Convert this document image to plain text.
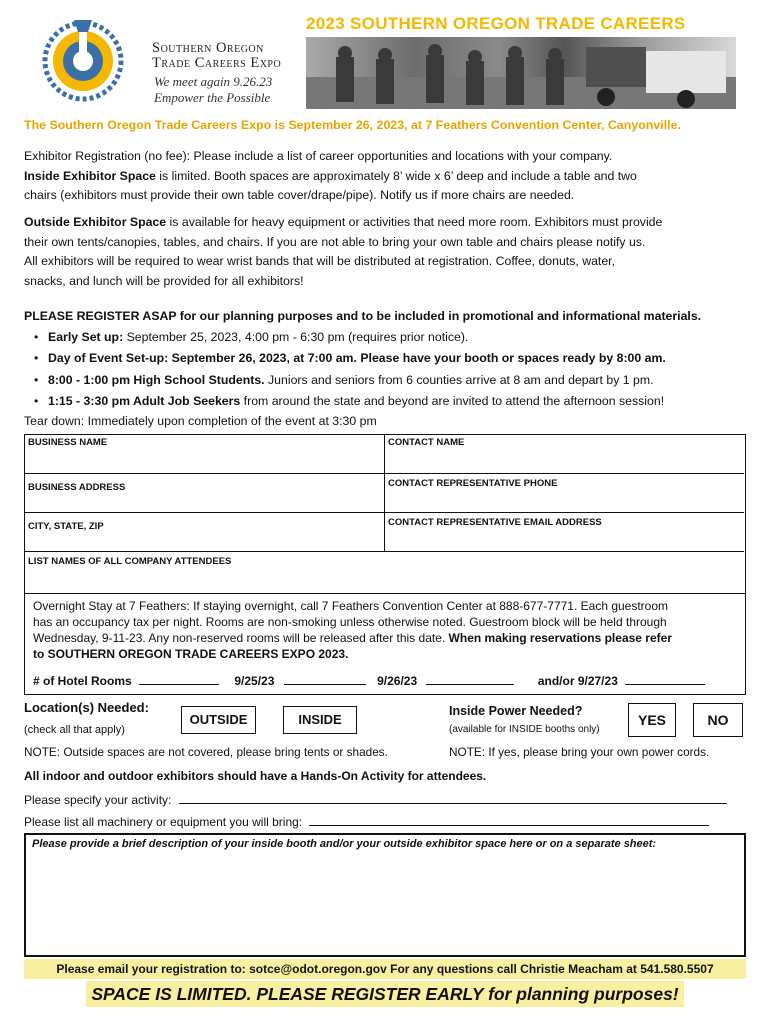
Southern Oregon
Trade Careers Expo
We meet again 9.26.23
Empower the Possible
2023 SOUTHERN OREGON TRADE CAREERS
The Southern Oregon Trade Careers Expo is September 26, 2023, at 7 Feathers Convention Center, Canyonville.
Exhibitor Registration (no fee): Please include a list of career opportunities and locations with your company.
Inside Exhibitor Space is limited. Booth spaces are approximately 8’ wide x 6’ deep and include a table and two
chairs (exhibitors must provide their own table cover/drape/pipe). Notify us if more chairs are needed.
Outside Exhibitor Space is available for heavy equipment or activities that need more room. Exhibitors must provide
their own tents/canopies, tables, and chairs. If you are not able to bring your own table and chairs please notify us.
All exhibitors will be required to wear wrist bands that will be distributed at registration. Coffee, donuts, water,
snacks, and lunch will be provided for all exhibitors!
PLEASE REGISTER ASAP for our planning purposes and to be included in promotional and informational materials.
• Early Set up: September 25, 2023, 4:00 pm - 6:30 pm (requires prior notice).
• Day of Event Set-up: September 26, 2023, at 7:00 am. Please have your booth or spaces ready by 8:00 am.
• 8:00 - 1:00 pm High School Students. Juniors and seniors from 6 counties arrive at 8 am and depart by 1 pm.
• 1:15 - 3:30 pm Adult Job Seekers from around the state and beyond are invited to attend the afternoon session!
Tear down: Immediately upon completion of the event at 3:30 pm
BUSINESS NAME	CONTACT NAME
BUSINESS ADDRESS	CONTACT REPRESENTATIVE PHONE
CITY, STATE, ZIP	CONTACT REPRESENTATIVE EMAIL ADDRESS
LIST NAMES OF ALL COMPANY ATTENDEES
Overnight Stay at 7 Feathers: If staying overnight, call 7 Feathers Convention Center at 888-677-7771. Each guestroom
has an occupancy tax per night. Rooms are non-smoking unless otherwise noted. Guestroom block will be held through
Wednesday, 9-11-23. Any non-reserved rooms will be released after this date. When making reservations please refer
to SOUTHERN OREGON TRADE CAREERS EXPO 2023.
# of Hotel Rooms	9/25/23	9/26/23	and/or 9/27/23
Location(s) Needed:
(check all that apply)
OUTSIDE	INSIDE
NOTE: Outside spaces are not covered, please bring tents or shades.
Inside Power Needed?
(available for INSIDE booths only)
YES	NO
NOTE: If yes, please bring your own power cords.
All indoor and outdoor exhibitors should have a Hands-On Activity for attendees.
Please specify your activity:
Please list all machinery or equipment you will bring:
Please provide a brief description of your inside booth and/or your outside exhibitor space here or on a separate sheet:
Please email your registration to: sotce@odot.oregon.gov For any questions call Christie Meacham at 541.580.5507
SPACE IS LIMITED. PLEASE REGISTER EARLY for planning purposes!
